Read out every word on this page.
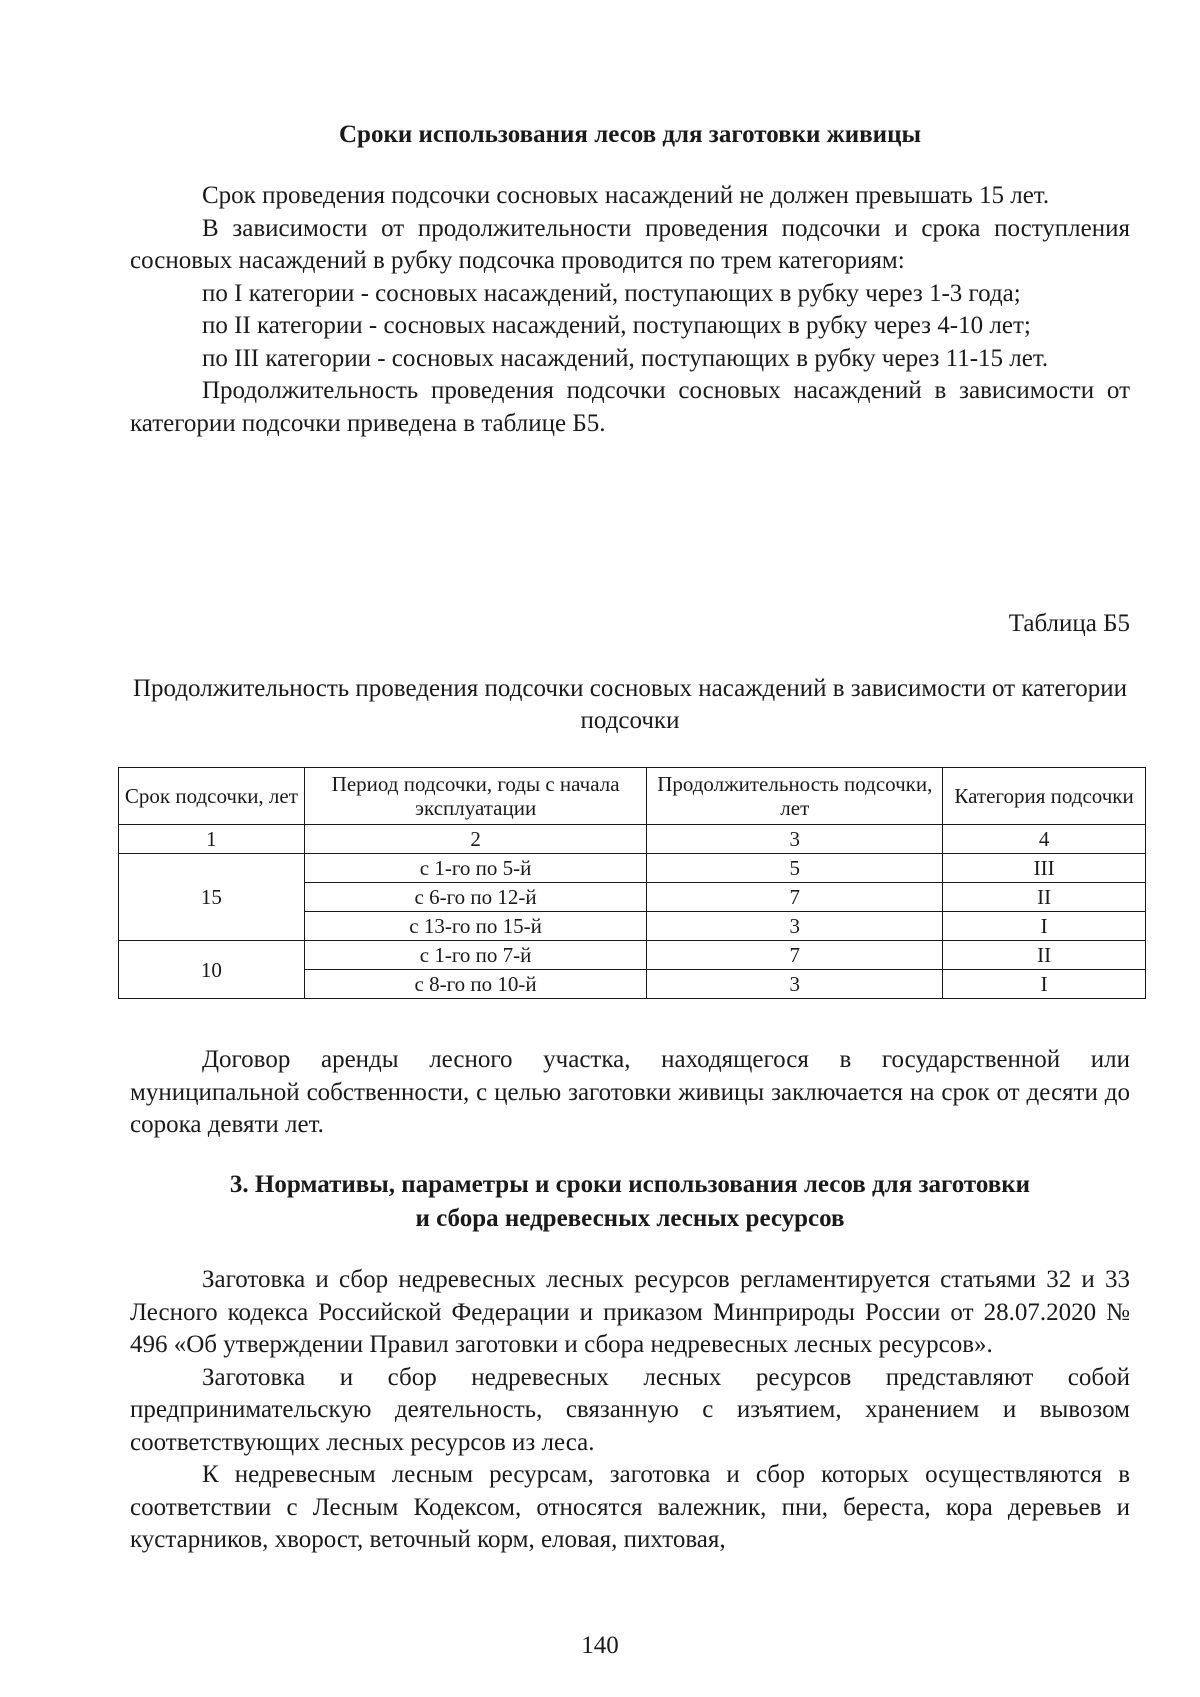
Сроки использования лесов для заготовки живицы

Срок проведения подсочки сосновых насаждений не должен превышать 15 лет.

В зависимости от продолжительности проведения подсочки и срока поступления сосновых насаждений в рубку подсочка проводится по трем категориям:

по I категории - сосновых насаждений, поступающих в рубку через 1-3 года;

по II категории - сосновых насаждений, поступающих в рубку через 4-10 лет;

по III категории - сосновых насаждений, поступающих в рубку через 11-15 лет.

Продолжительность проведения подсочки сосновых насаждений в зависимости от категории подсочки приведена в таблице Б5.

Таблица Б5
Продолжительность проведения подсочки сосновых насаждений в зависимости от категории подсочки
Срок подсочки, лет	Период подсочки, годы с начала эксплуатации	Продолжительность подсочки, лет	Категория подсочки
1	2	3	4
15	с 1-го по 5-й	5	III
	с 6-го по 12-й	7	II
	с 13-го по 15-й	3	I
10	с 1-го по 7-й	7	II
	с 8-го по 10-й	3	I

Договор аренды лесного участка, находящегося в государственной или муниципальной собственности, с целью заготовки живицы заключается на срок от десяти до сорока девяти лет.

3. Нормативы, параметры и сроки использования лесов для заготовки
и сбора недревесных лесных ресурсов

Заготовка и сбор недревесных лесных ресурсов регламентируется статьями 32 и 33 Лесного кодекса Российской Федерации и приказом Минприроды России от 28.07.2020 № 496 «Об утверждении Правил заготовки и сбора недревесных лесных ресурсов».

Заготовка и сбор недревесных лесных ресурсов представляют собой предпринимательскую деятельность, связанную с изъятием, хранением и вывозом соответствующих лесных ресурсов из леса.

К недревесным лесным ресурсам, заготовка и сбор которых осуществляются в соответствии с Лесным Кодексом, относятся валежник, пни, береста, кора деревьев и кустарников, хворост, веточный корм, еловая, пихтовая,

140
